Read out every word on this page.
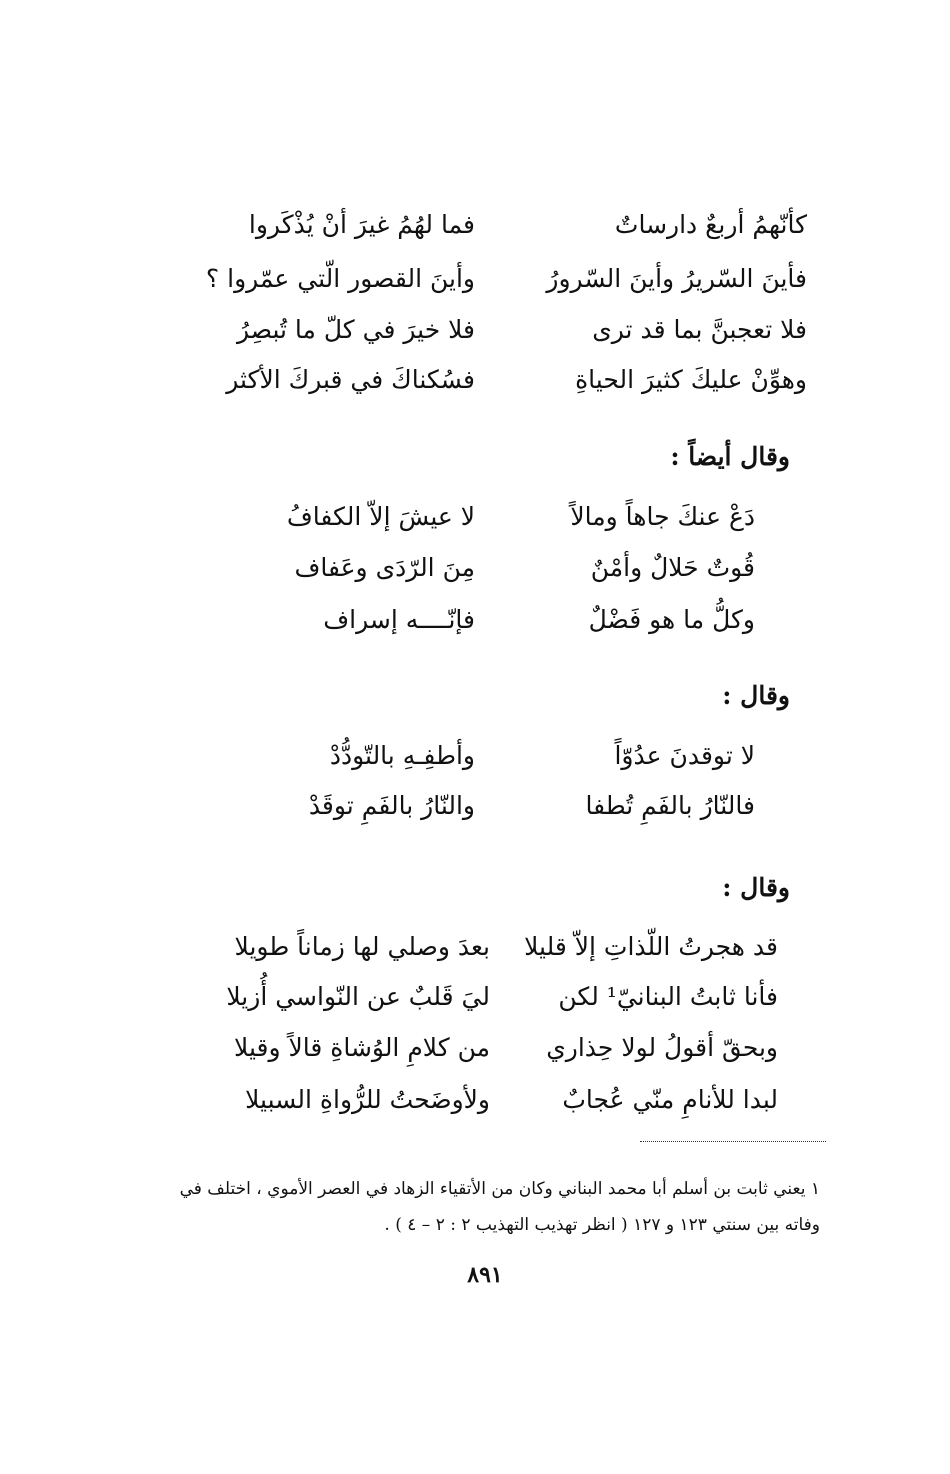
كأنّهمُ أربعٌ دارساتٌ
فما لهُمُ غيرَ أنْ يُذْكَروا
فأينَ السّريرُ وأينَ السّرورُ
وأينَ القصور الّتي عمّروا ؟
فلا تعجبنَّ بما قد ترى
فلا خيرَ في كلّ ما تُبصِرُ
وهوِّنْ عليكَ كثيرَ الحياةِ
فسُكناكَ في قبركَ الأكثر
وقال أيضاً :
دَعْ عنكَ جاهاً ومالاً
لا عيشَ إلاّ الكفافُ
قُوتٌ حَلالٌ وأمْنٌ
مِنَ الرّدَى وعَفاف
وكلُّ ما هو فَضْلٌ
فإنّــــه إسراف
وقال :
لا توقدنَ عدُوّاً
وأطفِـهِ بالتّودُّدْ
فالنّارُ بالفَمِ تُطفا
والنّارُ بالفَمِ توقَدْ
وقال :
قد هجرتُ اللّذاتِ إلاّ قليلا
بعدَ وصلي لها زماناً طويلا
فأنا ثابتُ البنانيّ¹ لكن
ليَ قَلبٌ عن النّواسي أُزيلا
وبحقّ أقولُ لولا حِذاري
من كلامِ الوُشاةِ قالاً وقيلا
لبدا للأنامِ منّي عُجابٌ
ولأوضَحتُ للرُّواةِ السبيلا
١ يعني ثابت بن أسلم أبا محمد البناني وكان من الأتقياء الزهاد في العصر الأموي ، اختلف في
وفاته بين سنتي ١٢٣ و ١٢٧ ( انظر تهذيب التهذيب ٢ : ٢ – ٤ ) .
٨٩١
